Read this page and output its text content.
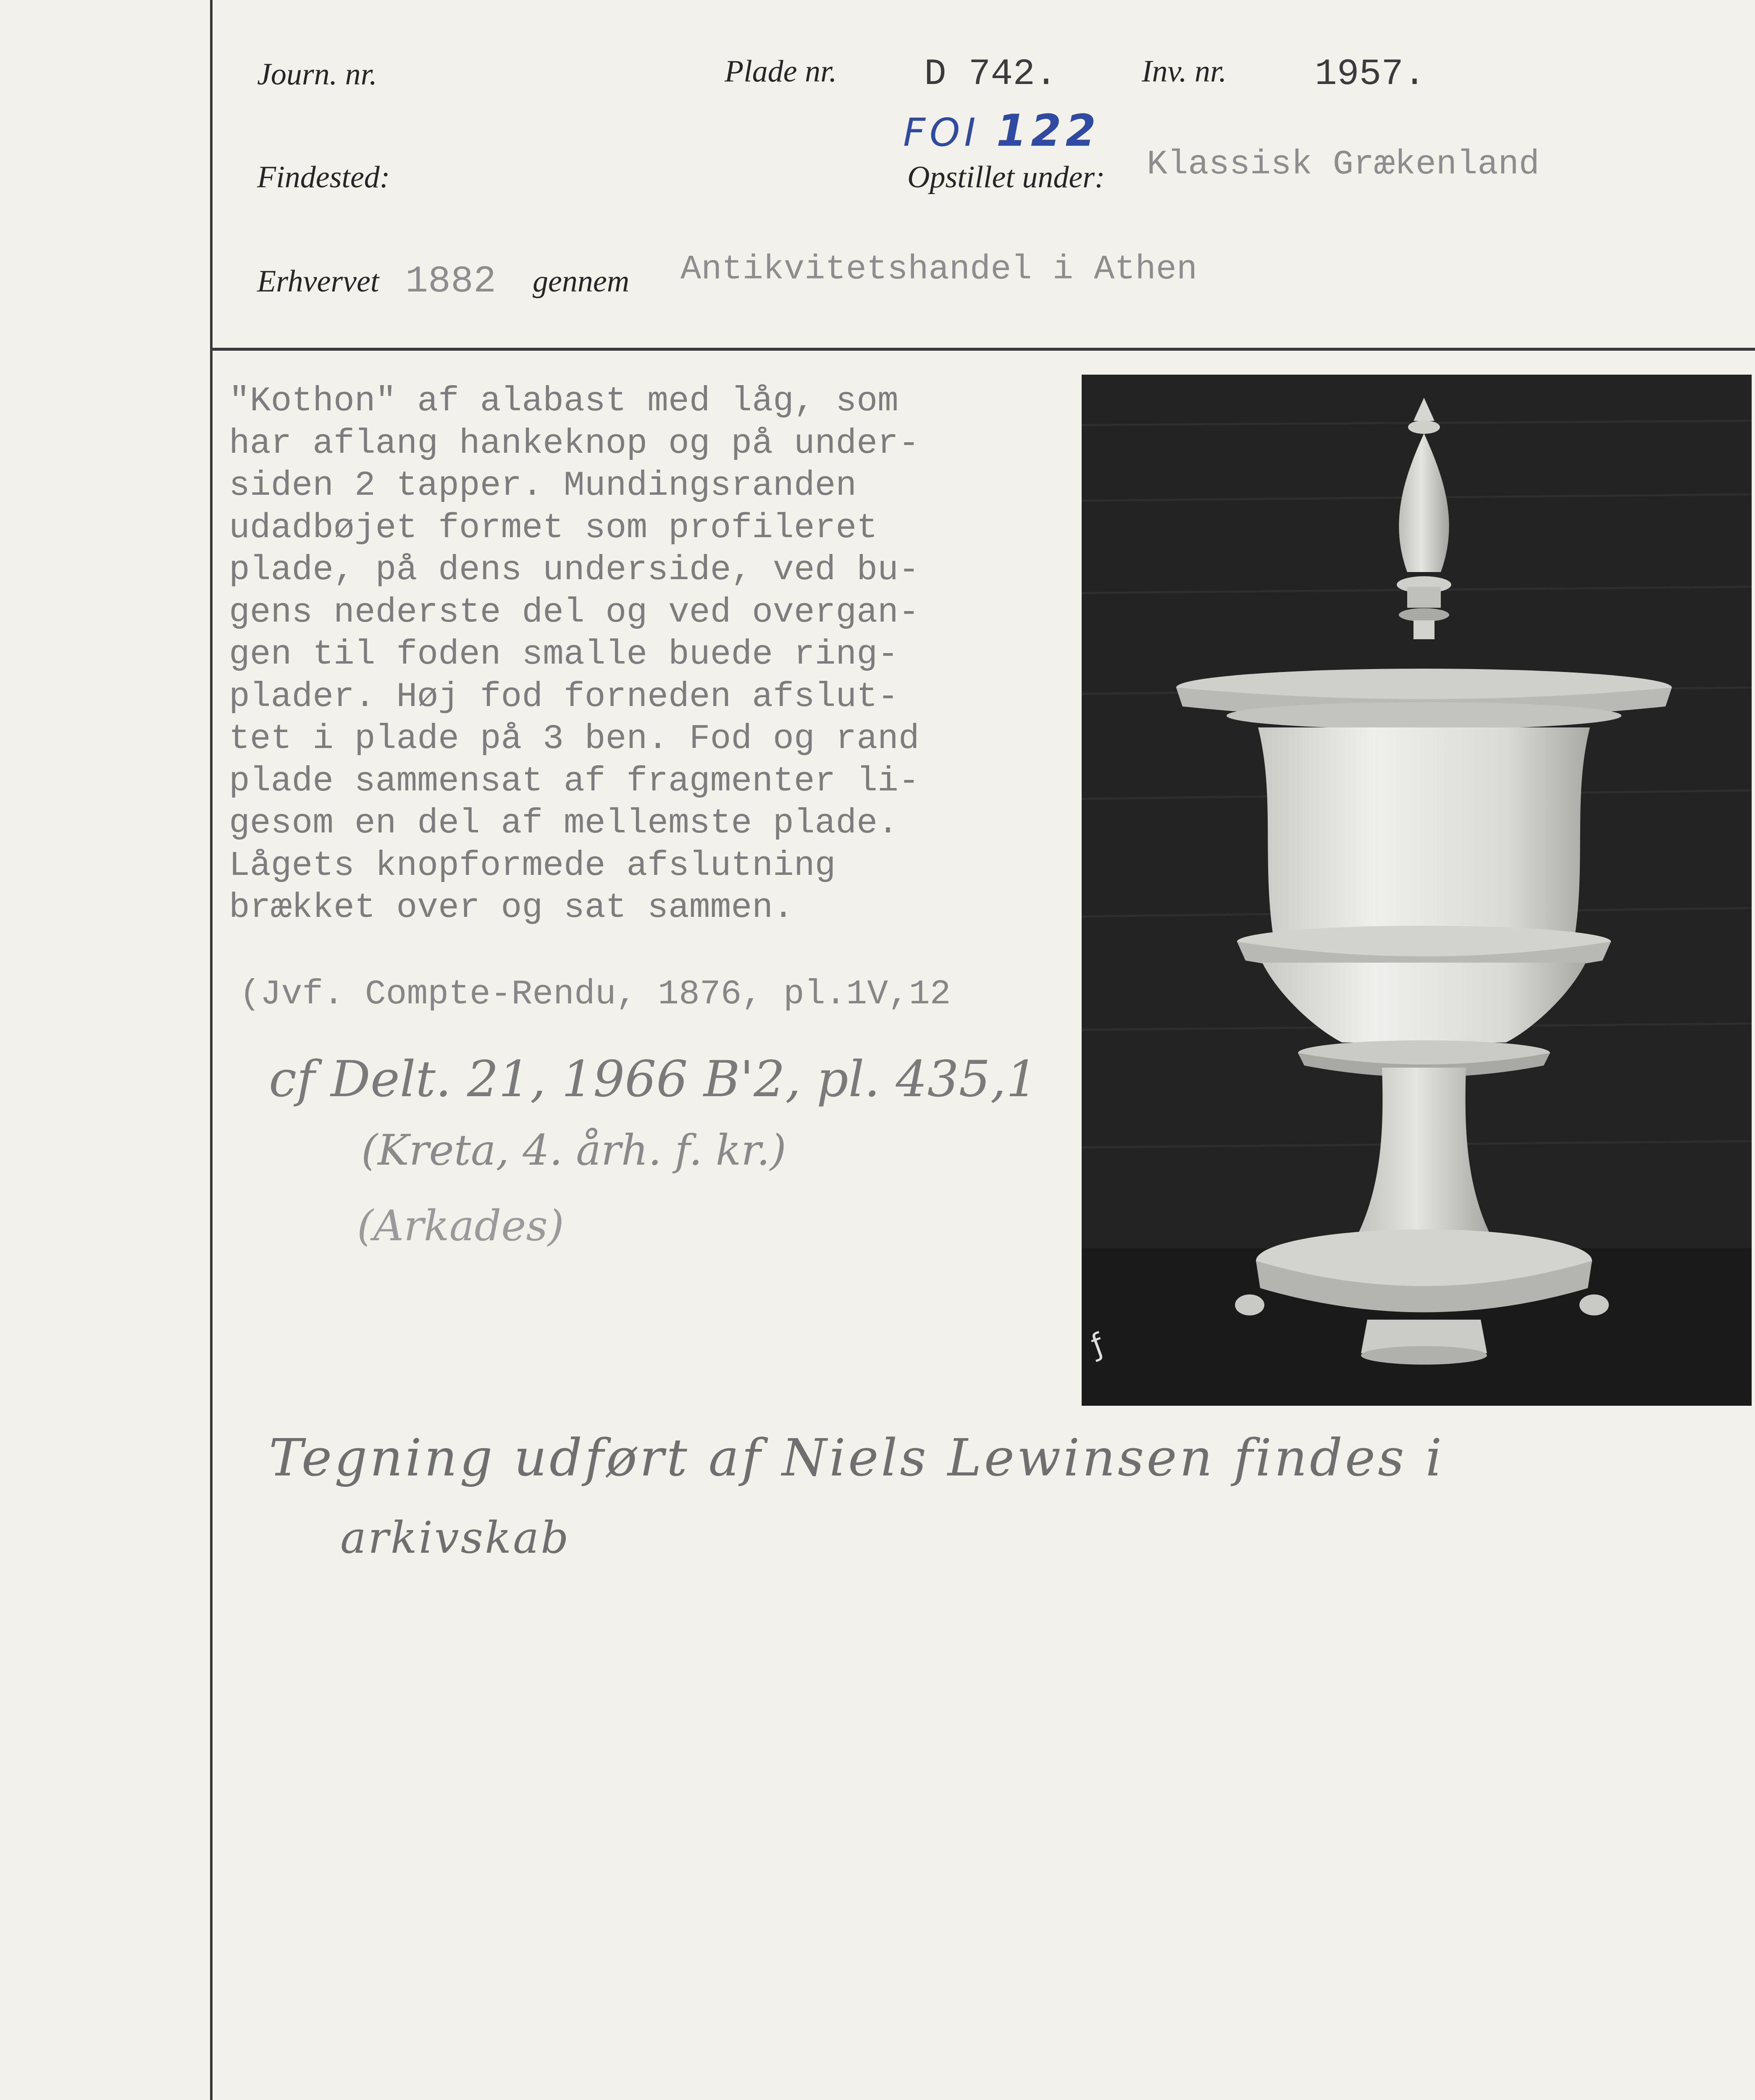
Journ. nr.	Plade nr. D 742.	Inv. nr. 1957.
FOI 122
Findested:	Opstillet under: Klassisk Grækenland
Erhvervet 1882 gennem Antikvitetshandel i Athen
"Kothon" af alabast med låg, som
har aflang hankeknop og på under-
siden 2 tapper. Mundingsranden
udadbøjet formet som profileret
plade, på dens underside, ved bu-
gens nederste del og ved overgan-
gen til foden smalle buede ring-
plader. Høj fod forneden afslut-
tet i plade på 3 ben. Fod og rand
plade sammensat af fragmenter li-
gesom en del af mellemste plade.
Lågets knopformede afslutning
brækket over og sat sammen.
(Jvf. Compte-Rendu, 1876, pl.1V,12
cf Delt. 21, 1966 B'2, pl. 435,1
(Kreta, 4. årh. f. kr.)
(Arkades)
Tegning udført af Niels Lewinsen findes i
arkivskab
ƒ
